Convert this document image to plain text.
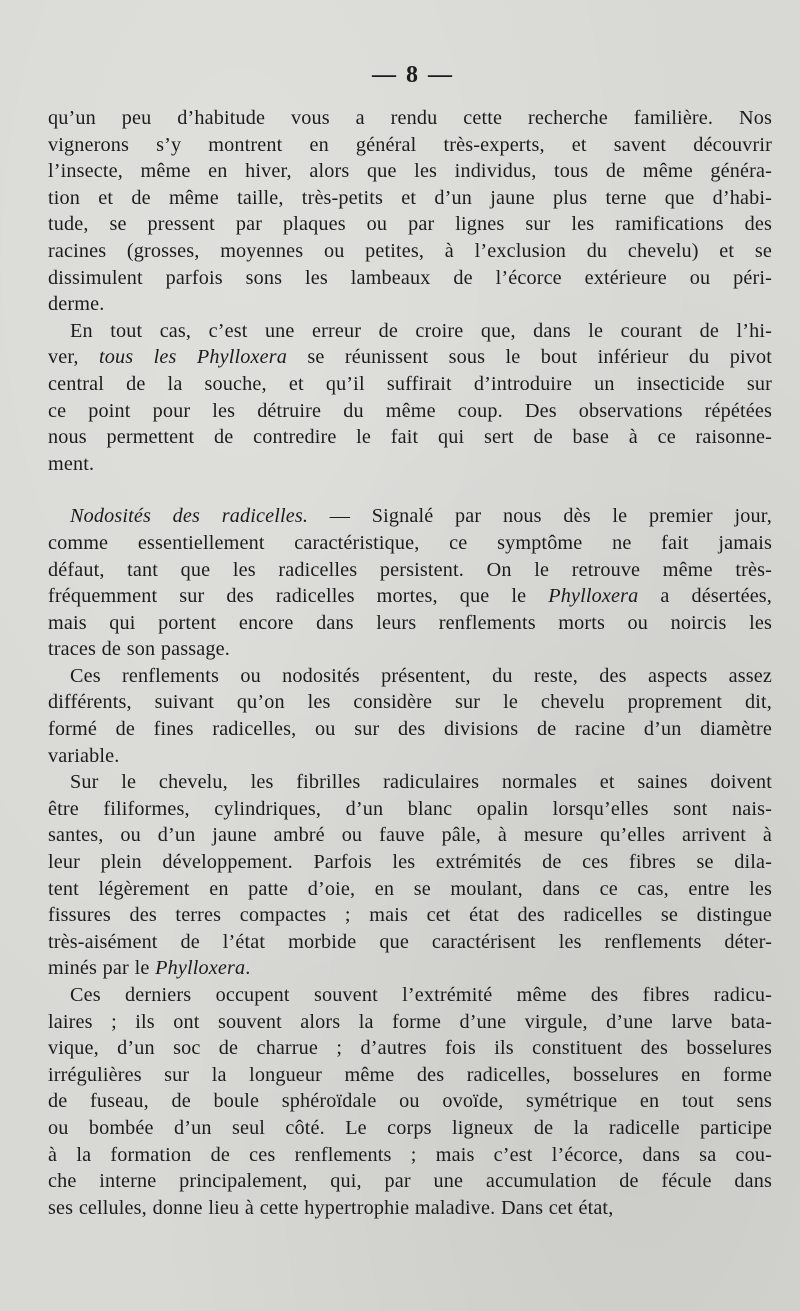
— 8 —
qu’un peu d’habitude vous a rendu cette recherche familière. Nos
vignerons s’y montrent en général très-experts, et savent découvrir
l’insecte, même en hiver, alors que les individus, tous de même généra-
tion et de même taille, très-petits et d’un jaune plus terne que d’habi-
tude, se pressent par plaques ou par lignes sur les ramifications des
racines (grosses, moyennes ou petites, à l’exclusion du chevelu) et se
dissimulent parfois sons les lambeaux de l’écorce extérieure ou péri-
derme.
En tout cas, c’est une erreur de croire que, dans le courant de l’hi-
ver, tous les Phylloxera se réunissent sous le bout inférieur du pivot
central de la souche, et qu’il suffirait d’introduire un insecticide sur
ce point pour les détruire du même coup. Des observations répétées
nous permettent de contredire le fait qui sert de base à ce raisonne-
ment.
Nodosités des radicelles. — Signalé par nous dès le premier jour,
comme essentiellement caractéristique, ce symptôme ne fait jamais
défaut, tant que les radicelles persistent. On le retrouve même très-
fréquemment sur des radicelles mortes, que le Phylloxera a désertées,
mais qui portent encore dans leurs renflements morts ou noircis les
traces de son passage.
Ces renflements ou nodosités présentent, du reste, des aspects assez
différents, suivant qu’on les considère sur le chevelu proprement dit,
formé de fines radicelles, ou sur des divisions de racine d’un diamètre
variable.
Sur le chevelu, les fibrilles radiculaires normales et saines doivent
être filiformes, cylindriques, d’un blanc opalin lorsqu’elles sont nais-
santes, ou d’un jaune ambré ou fauve pâle, à mesure qu’elles arrivent à
leur plein développement. Parfois les extrémités de ces fibres se dila-
tent légèrement en patte d’oie, en se moulant, dans ce cas, entre les
fissures des terres compactes ; mais cet état des radicelles se distingue
très-aisément de l’état morbide que caractérisent les renflements déter-
minés par le Phylloxera.
Ces derniers occupent souvent l’extrémité même des fibres radicu-
laires ; ils ont souvent alors la forme d’une virgule, d’une larve bata-
vique, d’un soc de charrue ; d’autres fois ils constituent des bosselures
irrégulières sur la longueur même des radicelles, bosselures en forme
de fuseau, de boule sphéroïdale ou ovoïde, symétrique en tout sens
ou bombée d’un seul côté. Le corps ligneux de la radicelle participe
à la formation de ces renflements ; mais c’est l’écorce, dans sa cou-
che interne principalement, qui, par une accumulation de fécule dans
ses cellules, donne lieu à cette hypertrophie maladive. Dans cet état,
